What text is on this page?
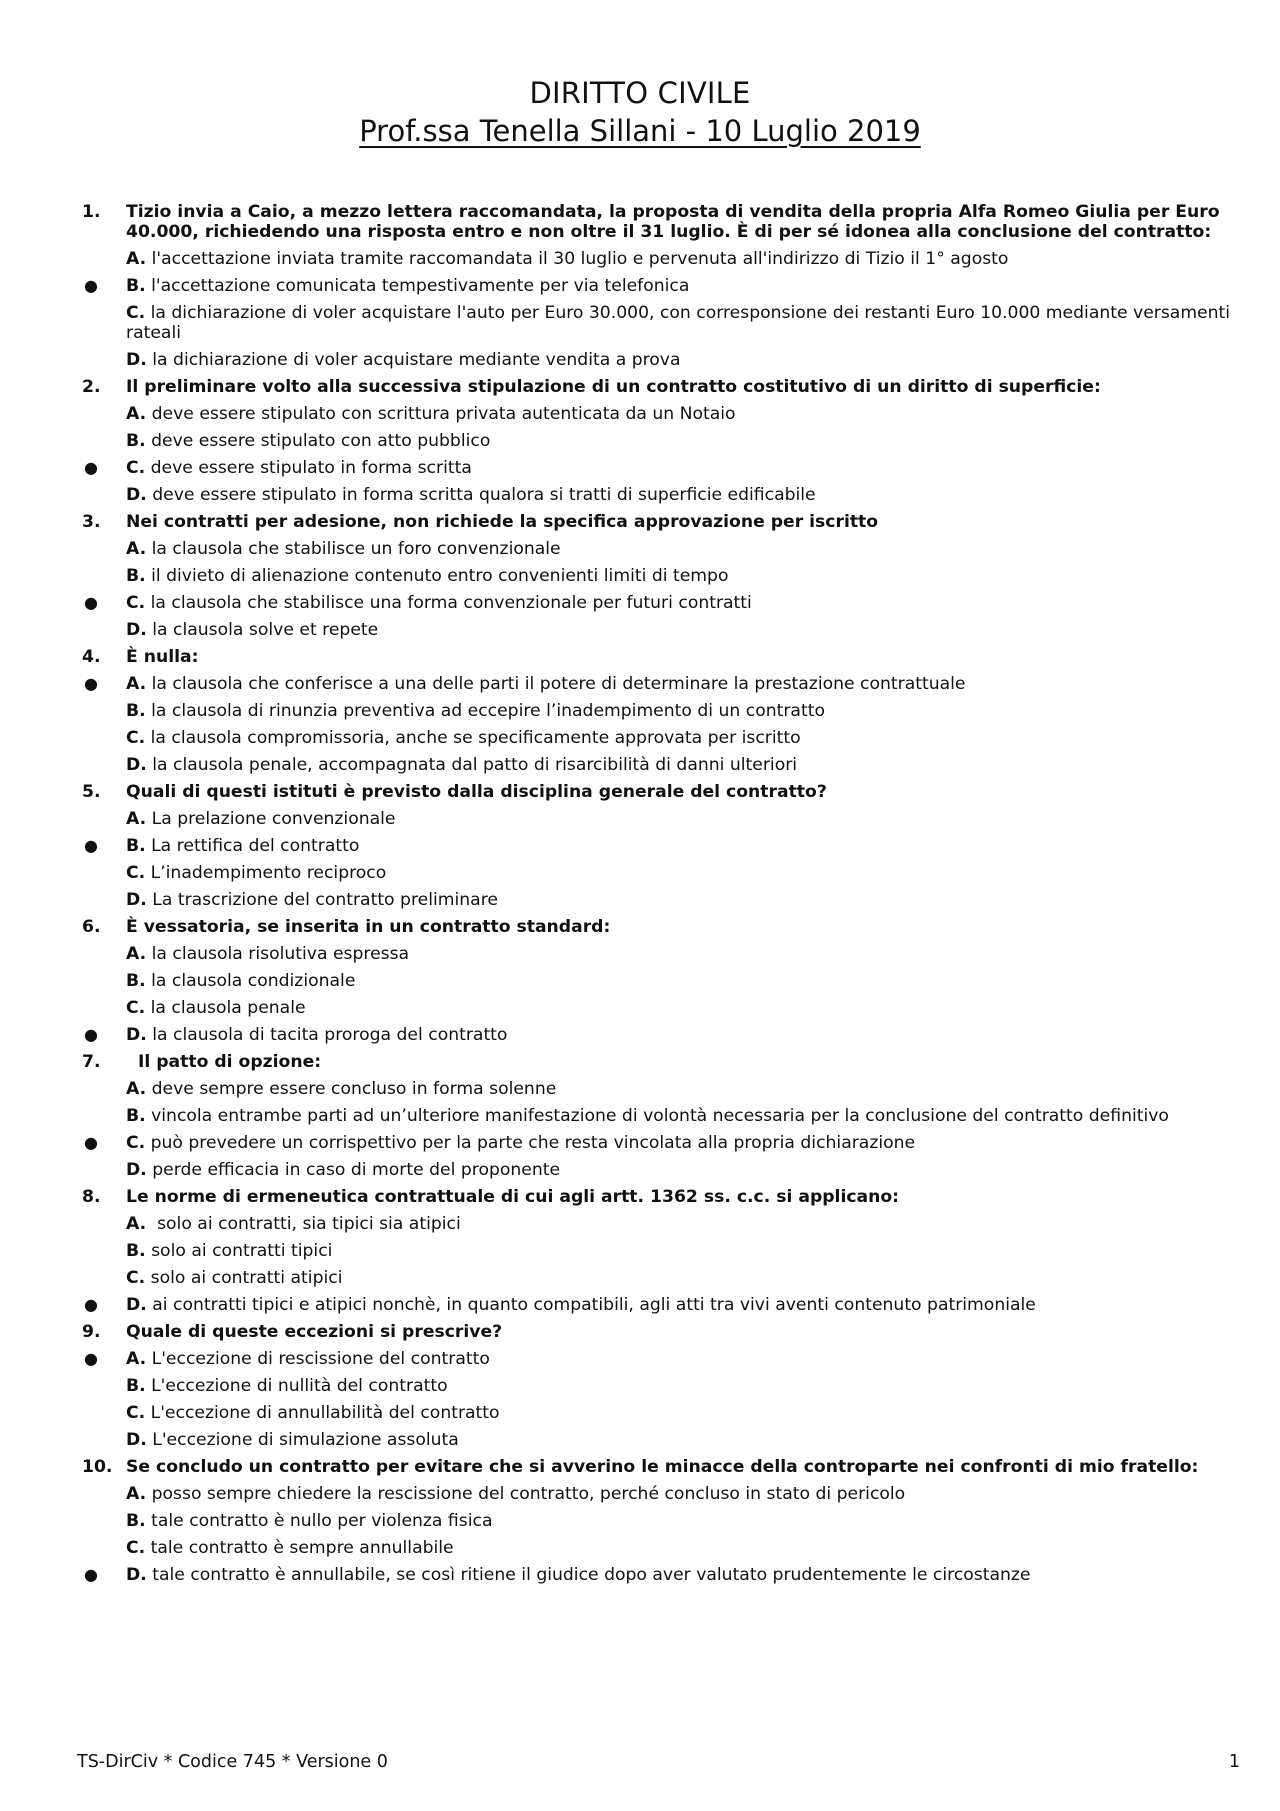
DIRITTO CIVILE
Prof.ssa Tenella Sillani - 10 Luglio 2019
1. Tizio invia a Caio, a mezzo lettera raccomandata, la proposta di vendita della propria Alfa Romeo Giulia per Euro 40.000, richiedendo una risposta entro e non oltre il 31 luglio. È di per sé idonea alla conclusione del contratto:
A. l'accettazione inviata tramite raccomandata il 30 luglio e pervenuta all'indirizzo di Tizio il 1° agosto
● B. l'accettazione comunicata tempestivamente per via telefonica
C. la dichiarazione di voler acquistare l'auto per Euro 30.000, con corresponsione dei restanti Euro 10.000 mediante versamenti rateali
D. la dichiarazione di voler acquistare mediante vendita a prova
2. Il preliminare volto alla successiva stipulazione di un contratto costitutivo di un diritto di superficie:
A. deve essere stipulato con scrittura privata autenticata da un Notaio
B. deve essere stipulato con atto pubblico
● C. deve essere stipulato in forma scritta
D. deve essere stipulato in forma scritta qualora si tratti di superficie edificabile
3. Nei contratti per adesione, non richiede la specifica approvazione per iscritto
A. la clausola che stabilisce un foro convenzionale
B. il divieto di alienazione contenuto entro convenienti limiti di tempo
● C. la clausola che stabilisce una forma convenzionale per futuri contratti
D. la clausola solve et repete
4. È nulla:
● A. la clausola che conferisce a una delle parti il potere di determinare la prestazione contrattuale
B. la clausola di rinunzia preventiva ad eccepire l’inadempimento di un contratto
C. la clausola compromissoria, anche se specificamente approvata per iscritto
D. la clausola penale, accompagnata dal patto di risarcibilità di danni ulteriori
5. Quali di questi istituti è previsto dalla disciplina generale del contratto?
A. La prelazione convenzionale
● B. La rettifica del contratto
C. L’inadempimento reciproco
D. La trascrizione del contratto preliminare
6. È vessatoria, se inserita in un contratto standard:
A. la clausola risolutiva espressa
B. la clausola condizionale
C. la clausola penale
● D. la clausola di tacita proroga del contratto
7. Il patto di opzione:
A. deve sempre essere concluso in forma solenne
B. vincola entrambe parti ad un’ulteriore manifestazione di volontà necessaria per la conclusione del contratto definitivo
● C. può prevedere un corrispettivo per la parte che resta vincolata alla propria dichiarazione
D. perde efficacia in caso di morte del proponente
8. Le norme di ermeneutica contrattuale di cui agli artt. 1362 ss. c.c. si applicano:
A.  solo ai contratti, sia tipici sia atipici
B. solo ai contratti tipici
C. solo ai contratti atipici
● D. ai contratti tipici e atipici nonchè, in quanto compatibili, agli atti tra vivi aventi contenuto patrimoniale
9. Quale di queste eccezioni si prescrive?
● A. L'eccezione di rescissione del contratto
B. L'eccezione di nullità del contratto
C. L'eccezione di annullabilità del contratto
D. L'eccezione di simulazione assoluta
10. Se concludo un contratto per evitare che si avverino le minacce della controparte nei confronti di mio fratello:
A. posso sempre chiedere la rescissione del contratto, perché concluso in stato di pericolo
B. tale contratto è nullo per violenza fisica
C. tale contratto è sempre annullabile
● D. tale contratto è annullabile, se così ritiene il giudice dopo aver valutato prudentemente le circostanze
TS-DirCiv * Codice 745 * Versione 0	1
